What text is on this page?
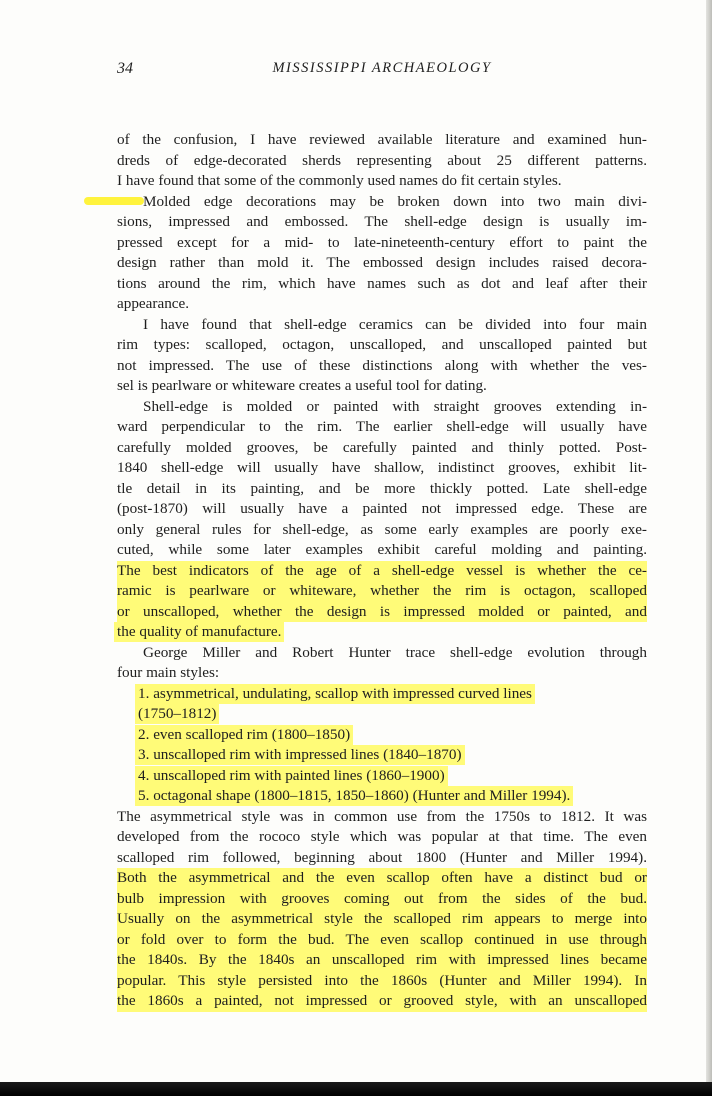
34	MISSISSIPPI ARCHAEOLOGY
of the confusion, I have reviewed available literature and examined hun-
dreds of edge-decorated sherds representing about 25 different patterns.
I have found that some of the commonly used names do fit certain styles.
Molded edge decorations may be broken down into two main divi-
sions, impressed and embossed. The shell-edge design is usually im-
pressed except for a mid- to late-nineteenth-century effort to paint the
design rather than mold it. The embossed design includes raised decora-
tions around the rim, which have names such as dot and leaf after their
appearance.
I have found that shell-edge ceramics can be divided into four main
rim types: scalloped, octagon, unscalloped, and unscalloped painted but
not impressed. The use of these distinctions along with whether the ves-
sel is pearlware or whiteware creates a useful tool for dating.
Shell-edge is molded or painted with straight grooves extending in-
ward perpendicular to the rim. The earlier shell-edge will usually have
carefully molded grooves, be carefully painted and thinly potted. Post-
1840 shell-edge will usually have shallow, indistinct grooves, exhibit lit-
tle detail in its painting, and be more thickly potted. Late shell-edge
(post-1870) will usually have a painted not impressed edge. These are
only general rules for shell-edge, as some early examples are poorly exe-
cuted, while some later examples exhibit careful molding and painting.
The best indicators of the age of a shell-edge vessel is whether the ce-
ramic is pearlware or whiteware, whether the rim is octagon, scalloped
or unscalloped, whether the design is impressed molded or painted, and
the quality of manufacture.
George Miller and Robert Hunter trace shell-edge evolution through
four main styles:
1. asymmetrical, undulating, scallop with impressed curved lines
(1750–1812)
2. even scalloped rim (1800–1850)
3. unscalloped rim with impressed lines (1840–1870)
4. unscalloped rim with painted lines (1860–1900)
5. octagonal shape (1800–1815, 1850–1860) (Hunter and Miller 1994).
The asymmetrical style was in common use from the 1750s to 1812. It was
developed from the rococo style which was popular at that time. The even
scalloped rim followed, beginning about 1800 (Hunter and Miller 1994).
Both the asymmetrical and the even scallop often have a distinct bud or
bulb impression with grooves coming out from the sides of the bud.
Usually on the asymmetrical style the scalloped rim appears to merge into
or fold over to form the bud. The even scallop continued in use through
the 1840s. By the 1840s an unscalloped rim with impressed lines became
popular. This style persisted into the 1860s (Hunter and Miller 1994). In
the 1860s a painted, not impressed or grooved style, with an unscalloped
